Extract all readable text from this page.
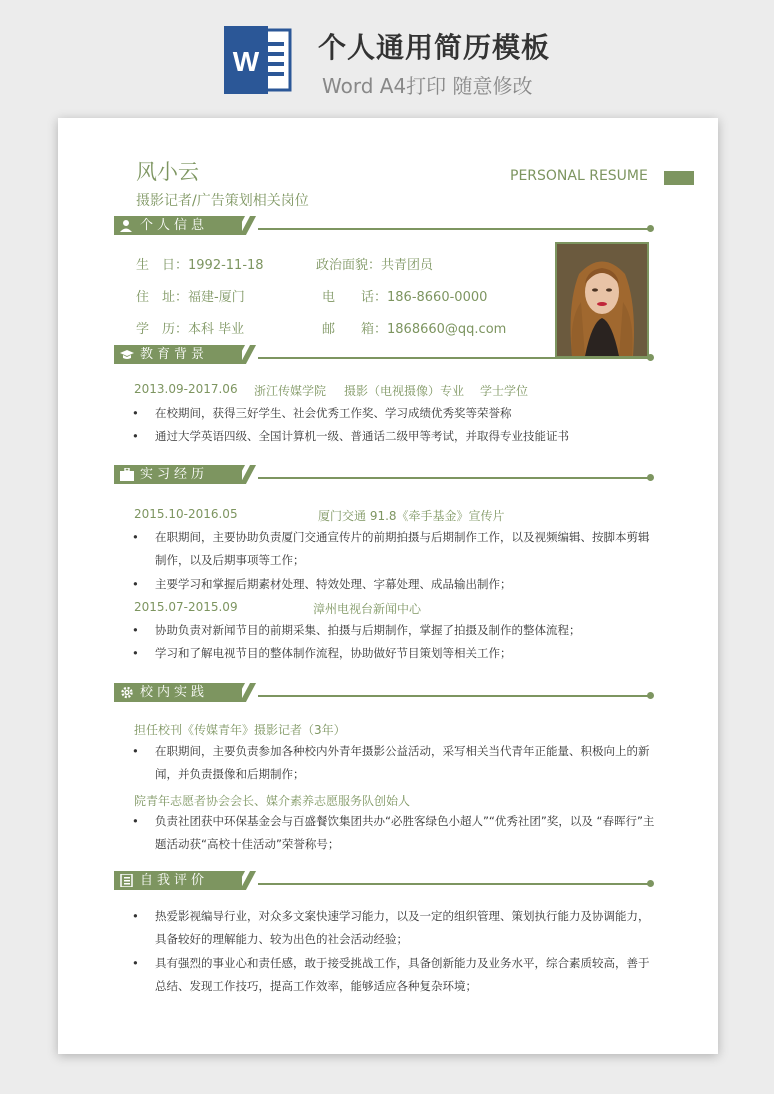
W 个人通用简历模板
Word A4打印 随意修改
风小云
摄影记者/广告策划相关岗位
PERSONAL RESUME
个人信息
生　日：1992-11-18	政治面貌：共青团员
住　址：福建-厦门	电　　话：186-8660-0000
学　历：本科 毕业	邮　　箱：1868660@qq.com
教育背景
2013.09-2017.06 浙江传媒学院 摄影（电视摄像）专业 学士学位
• 在校期间，获得三好学生、社会优秀工作奖、学习成绩优秀奖等荣誉称
• 通过大学英语四级、全国计算机一级、普通话二级甲等考试，并取得专业技能证书
实习经历
2015.10-2016.05	厦门交通 91.8《牵手基金》宣传片
• 在职期间，主要协助负责厦门交通宣传片的前期拍摄与后期制作工作，以及视频编辑、按脚本剪辑制作，以及后期事项等工作；
• 主要学习和掌握后期素材处理、特效处理、字幕处理、成品输出制作；
2015.07-2015.09	漳州电视台新闻中心
• 协助负责对新闻节目的前期采集、拍摄与后期制作，掌握了拍摄及制作的整体流程；
• 学习和了解电视节目的整体制作流程，协助做好节目策划等相关工作；
校内实践
担任校刊《传媒青年》摄影记者（3年）
• 在职期间，主要负责参加各种校内外青年摄影公益活动，采写相关当代青年正能量、积极向上的新闻，并负责摄像和后期制作；
院青年志愿者协会会长、媒介素养志愿服务队创始人
• 负责社团获中环保基金会与百盛餐饮集团共办“必胜客绿色小超人”“优秀社团”奖，以及 “春晖行”主题活动获“高校十佳活动”荣誉称号；
自我评价
• 热爱影视编导行业，对众多文案快速学习能力，以及一定的组织管理、策划执行能力及协调能力，具备较好的理解能力、较为出色的社会活动经验；
• 具有强烈的事业心和责任感，敢于接受挑战工作，具备创新能力及业务水平，综合素质较高，善于总结、发现工作技巧，提高工作效率，能够适应各种复杂环境；
